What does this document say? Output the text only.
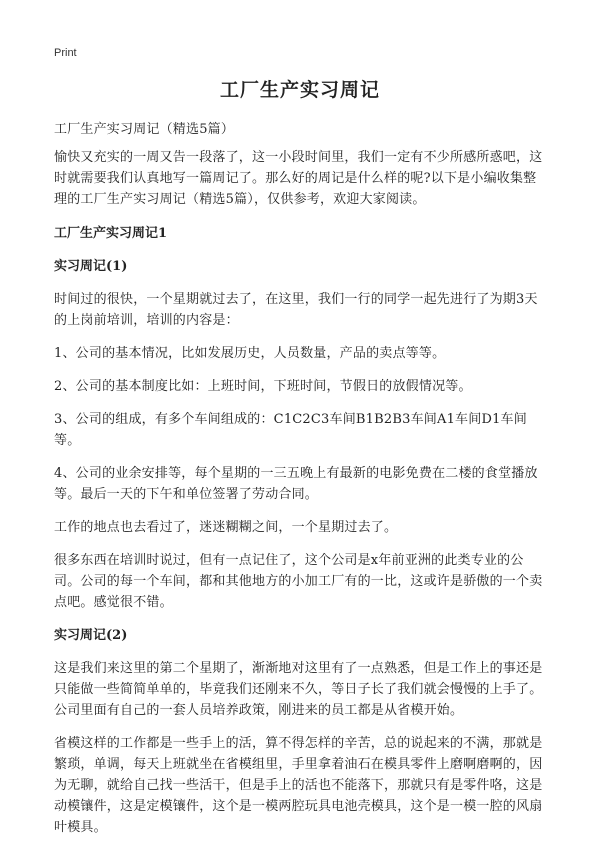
Print
工厂生产实习周记

工厂生产实习周记（精选5篇）

愉快又充实的一周又告一段落了，这一小段时间里，我们一定有不少所感所惑吧，这时就需要我们认真地写一篇周记了。那么好的周记是什么样的呢?以下是小编收集整理的工厂生产实习周记（精选5篇），仅供参考，欢迎大家阅读。

工厂生产实习周记1
实习周记(1)

时间过的很快，一个星期就过去了，在这里，我们一行的同学一起先进行了为期3天的上岗前培训，培训的内容是：

1、公司的基本情况，比如发展历史，人员数量，产品的卖点等等。

2、公司的基本制度比如：上班时间，下班时间，节假日的放假情况等。

3、公司的组成，有多个车间组成的：C1C2C3车间B1B2B3车间A1车间D1车间等。

4、公司的业余安排等，每个星期的一三五晚上有最新的电影免费在二楼的食堂播放等。最后一天的下午和单位签署了劳动合同。

工作的地点也去看过了，迷迷糊糊之间，一个星期过去了。

很多东西在培训时说过，但有一点记住了，这个公司是x年前亚洲的此类专业的公司。公司的每一个车间，都和其他地方的小加工厂有的一比，这或许是骄傲的一个卖点吧。感觉很不错。

实习周记(2)

这是我们来这里的第二个星期了，渐渐地对这里有了一点熟悉，但是工作上的事还是只能做一些简简单单的，毕竟我们还刚来不久，等日子长了我们就会慢慢的上手了。公司里面有自己的一套人员培养政策，刚进来的员工都是从省模开始。

省模这样的工作都是一些手上的活，算不得怎样的辛苦，总的说起来的不满，那就是繁琐，单调，每天上班就坐在省模组里，手里拿着油石在模具零件上磨啊磨啊的，因为无聊，就给自己找一些活干，但是手上的活也不能落下，那就只有是零件咯，这是动模镶件，这是定模镶件，这个是一模两腔玩具电池壳模具，这个是一模一腔的风扇叶模具。
